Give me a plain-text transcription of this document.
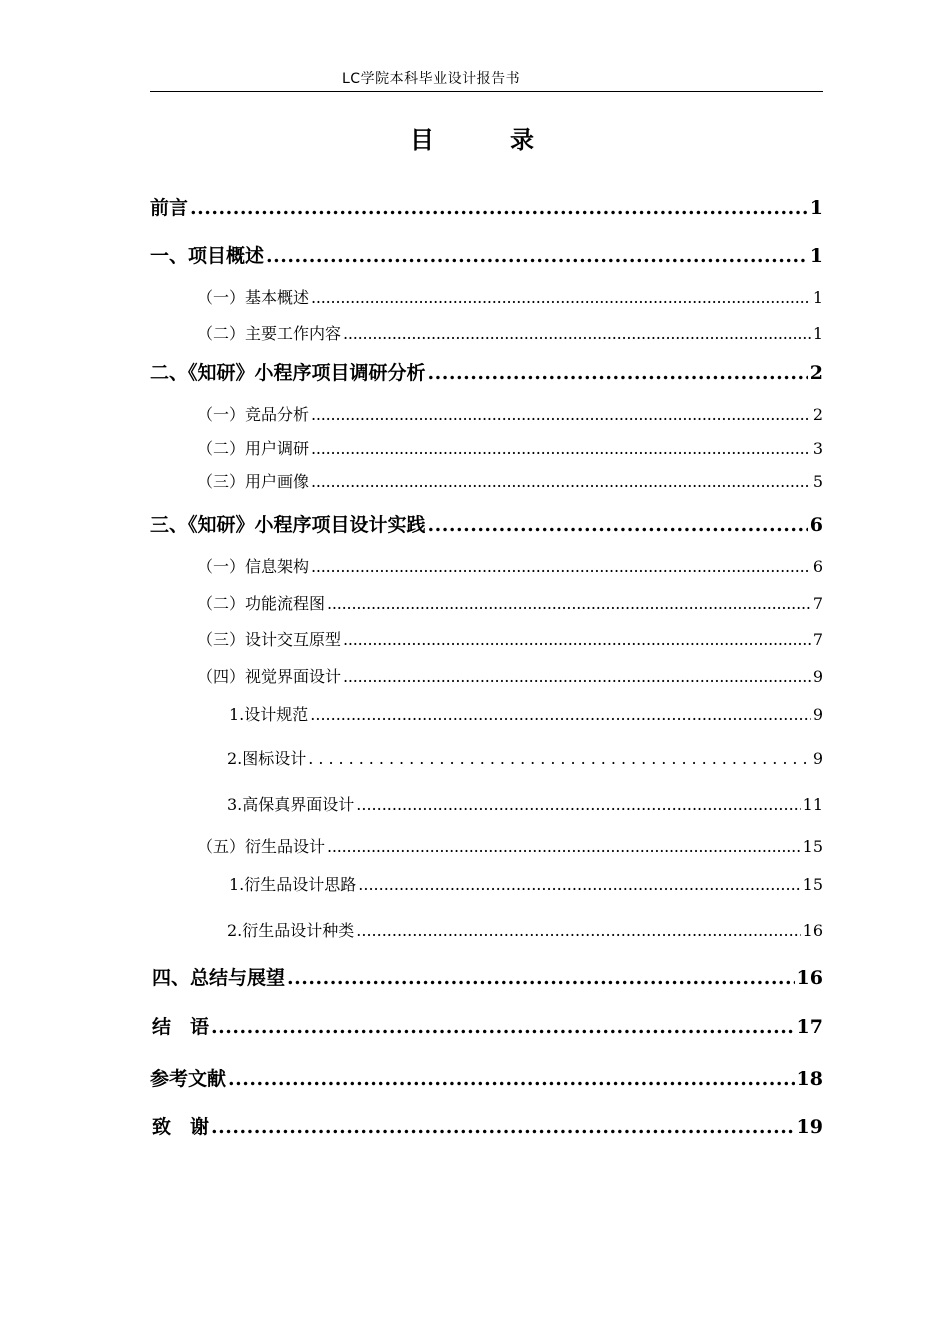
LC学院本科毕业设计报告书
目　录
前言 .....	1
一、项目概述 .....	1
（一）基本概述 .....	1
（二）主要工作内容 .....	1
二、《知研》小程序项目调研分析 .....	2
（一）竞品分析 .....	2
（二）用户调研 .....	3
（三）用户画像 .....	5
三、《知研》小程序项目设计实践 .....	6
（一）信息架构 .....	6
（二）功能流程图 .....	7
（三）设计交互原型 .....	7
（四）视觉界面设计 .....	9
1.设计规范 .....	9
2.图标设计 .....	9
3.高保真界面设计 .....	11
（五）衍生品设计 .....	15
1.衍生品设计思路 .....	15
2.衍生品设计种类 .....	16
四、总结与展望 .....	16
结　语 .....	17
参考文献 .....	18
致　谢 .....	19
